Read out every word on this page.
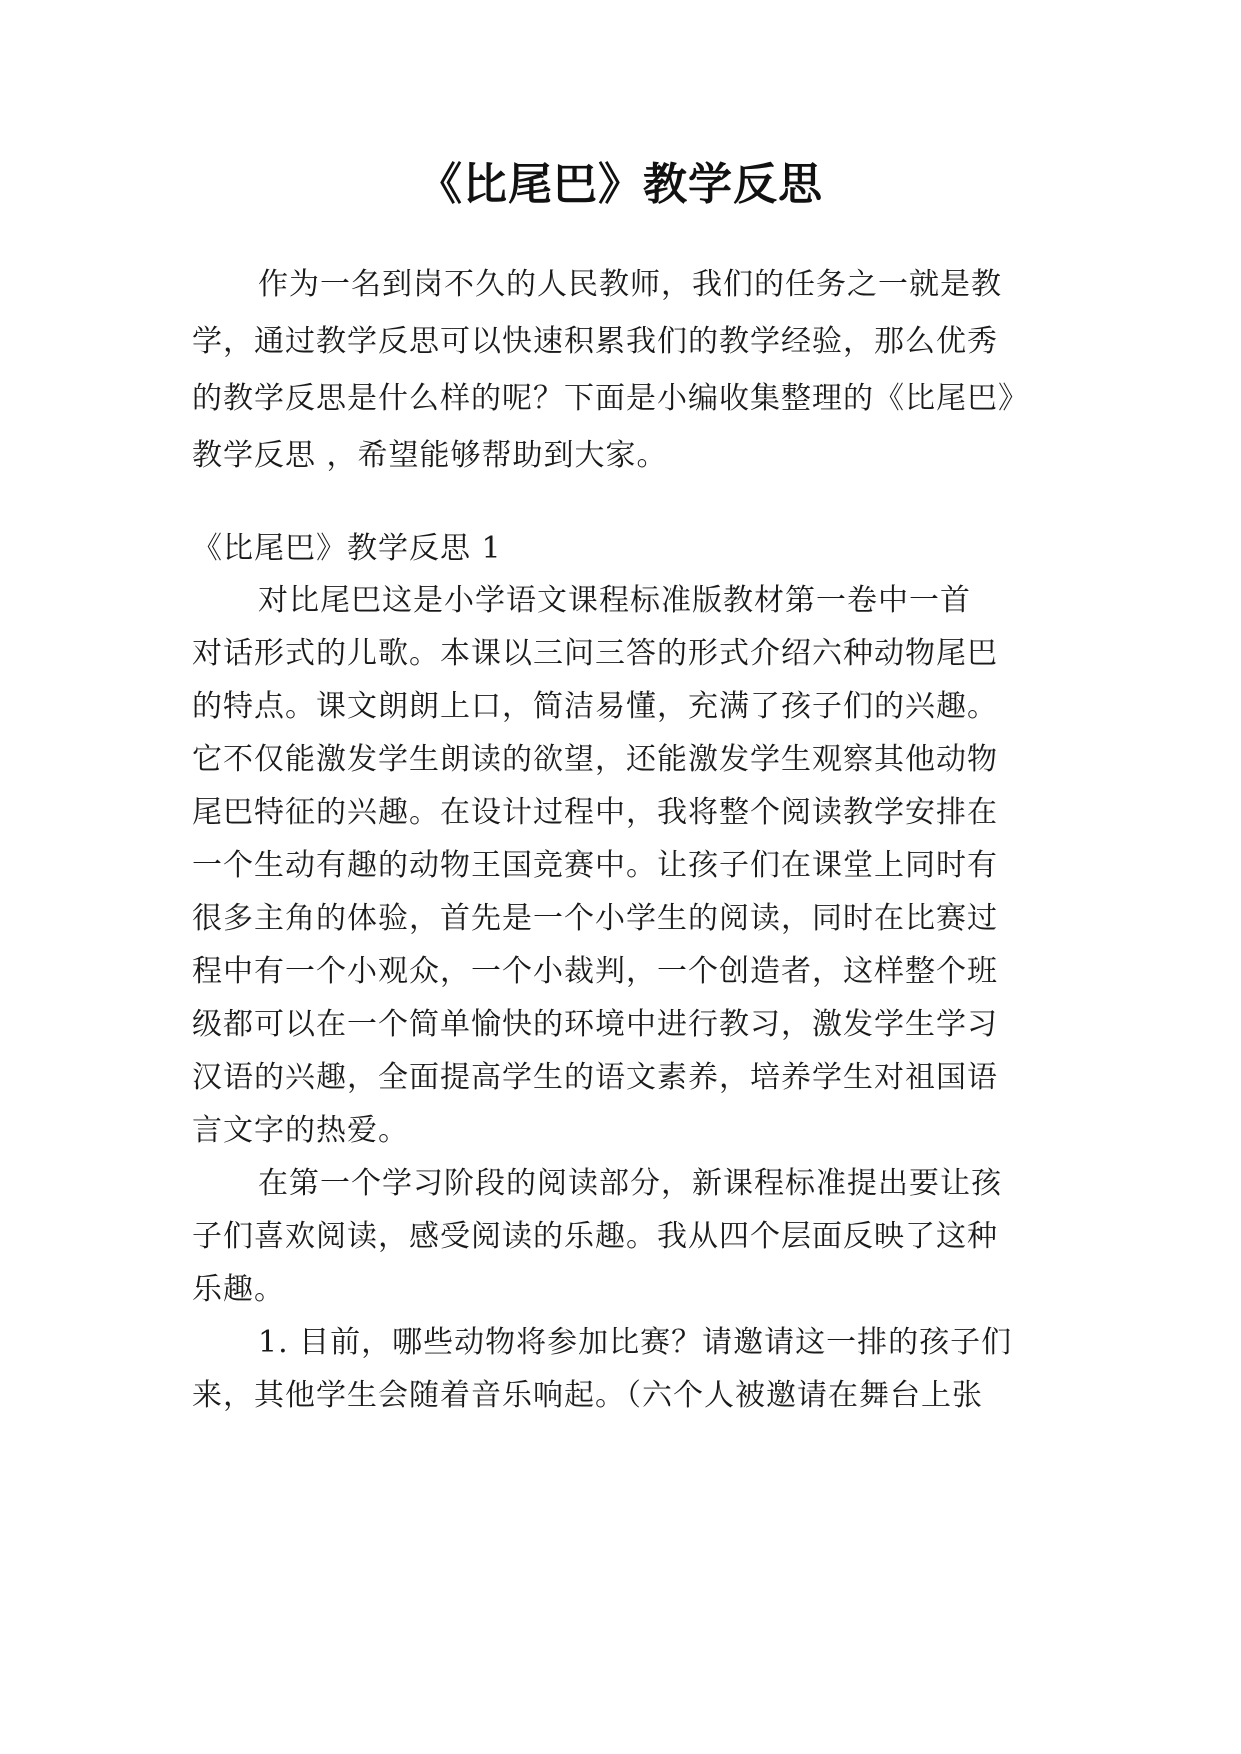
《比尾巴》教学反思
作为一名到岗不久的人民教师，我们的任务之一就是教
学，通过教学反思可以快速积累我们的教学经验，那么优秀
的教学反思是什么样的呢？下面是小编收集整理的《比尾巴》
教学反思 ，希望能够帮助到大家。
《比尾巴》教学反思 1
对比尾巴这是小学语文课程标准版教材第一卷中一首
对话形式的儿歌。本课以三问三答的形式介绍六种动物尾巴
的特点。课文朗朗上口，简洁易懂，充满了孩子们的兴趣。
它不仅能激发学生朗读的欲望，还能激发学生观察其他动物
尾巴特征的兴趣。在设计过程中，我将整个阅读教学安排在
一个生动有趣的动物王国竞赛中。让孩子们在课堂上同时有
很多主角的体验，首先是一个小学生的阅读，同时在比赛过
程中有一个小观众，一个小裁判，一个创造者，这样整个班
级都可以在一个简单愉快的环境中进行教习，激发学生学习
汉语的兴趣，全面提高学生的语文素养，培养学生对祖国语
言文字的热爱。
在第一个学习阶段的阅读部分，新课程标准提出要让孩
子们喜欢阅读，感受阅读的乐趣。我从四个层面反映了这种
乐趣。
1. 目前，哪些动物将参加比赛？请邀请这一排的孩子们
来，其他学生会随着音乐响起。（六个人被邀请在舞台上张
